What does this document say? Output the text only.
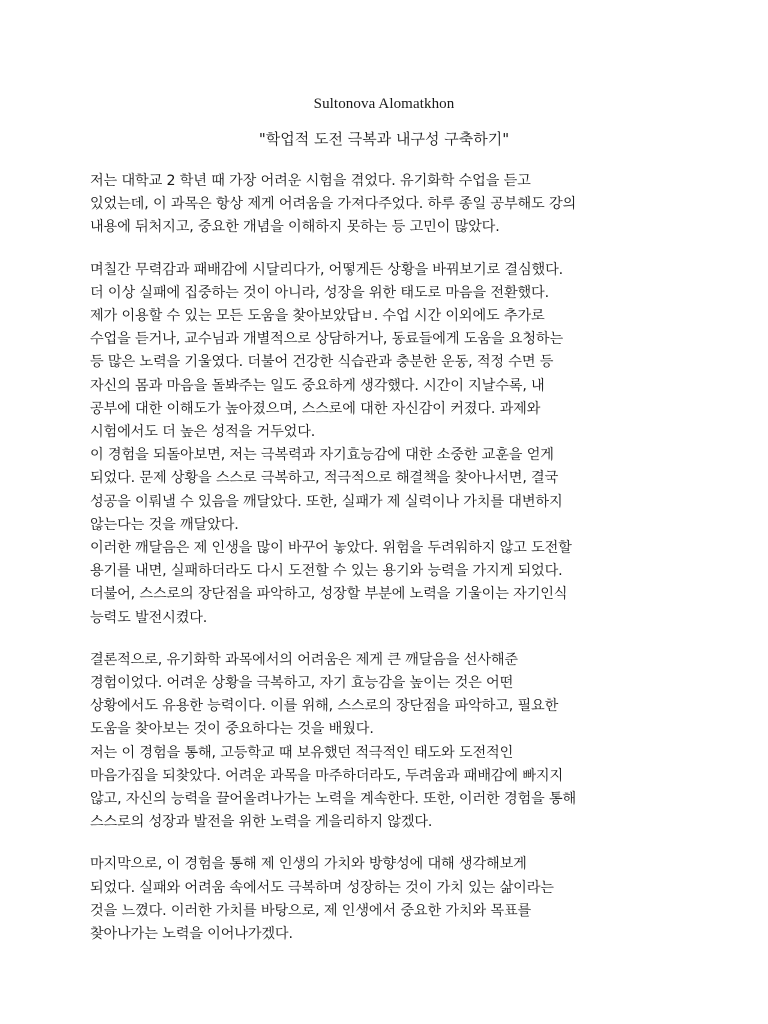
Sultonova Alomatkhon
"학업적 도전 극복과 내구성 구축하기"
저는 대학교 2 학년 때 가장 어려운 시험을 겪었다. 유기화학 수업을 듣고
있었는데, 이 과목은 항상 제게 어려움을 가져다주었다. 하루 종일 공부해도 강의
내용에 뒤처지고, 중요한 개념을 이해하지 못하는 등 고민이 많았다.
며칠간 무력감과 패배감에 시달리다가, 어떻게든 상황을 바꿔보기로 결심했다.
더 이상 실패에 집중하는 것이 아니라, 성장을 위한 태도로 마음을 전환했다.
제가 이용할 수 있는 모든 도움을 찾아보았답ㅂ. 수업 시간 이외에도 추가로
수업을 듣거나, 교수님과 개별적으로 상담하거나, 동료들에게 도움을 요청하는
등 많은 노력을 기울였다. 더불어 건강한 식습관과 충분한 운동, 적정 수면 등
자신의 몸과 마음을 돌봐주는 일도 중요하게 생각했다. 시간이 지날수록, 내
공부에 대한 이해도가 높아졌으며, 스스로에 대한 자신감이 커졌다. 과제와
시험에서도 더 높은 성적을 거두었다.
이 경험을 되돌아보면, 저는 극복력과 자기효능감에 대한 소중한 교훈을 얻게
되었다. 문제 상황을 스스로 극복하고, 적극적으로 해결책을 찾아나서면, 결국
성공을 이뤄낼 수 있음을 깨달았다. 또한, 실패가 제 실력이나 가치를 대변하지
않는다는 것을 깨달았다.
이러한 깨달음은 제 인생을 많이 바꾸어 놓았다. 위험을 두려워하지 않고 도전할
용기를 내면, 실패하더라도 다시 도전할 수 있는 용기와 능력을 가지게 되었다.
더불어, 스스로의 장단점을 파악하고, 성장할 부분에 노력을 기울이는 자기인식
능력도 발전시켰다.
결론적으로, 유기화학 과목에서의 어려움은 제게 큰 깨달음을 선사해준
경험이었다. 어려운 상황을 극복하고, 자기 효능감을 높이는 것은 어떤
상황에서도 유용한 능력이다. 이를 위해, 스스로의 장단점을 파악하고, 필요한
도움을 찾아보는 것이 중요하다는 것을 배웠다.
저는 이 경험을 통해, 고등학교 때 보유했던 적극적인 태도와 도전적인
마음가짐을 되찾았다. 어려운 과목을 마주하더라도, 두려움과 패배감에 빠지지
않고, 자신의 능력을 끌어올려나가는 노력을 계속한다. 또한, 이러한 경험을 통해
스스로의 성장과 발전을 위한 노력을 게을리하지 않겠다.
마지막으로, 이 경험을 통해 제 인생의 가치와 방향성에 대해 생각해보게
되었다. 실패와 어려움 속에서도 극복하며 성장하는 것이 가치 있는 삶이라는
것을 느꼈다. 이러한 가치를 바탕으로, 제 인생에서 중요한 가치와 목표를
찾아나가는 노력을 이어나가겠다.
